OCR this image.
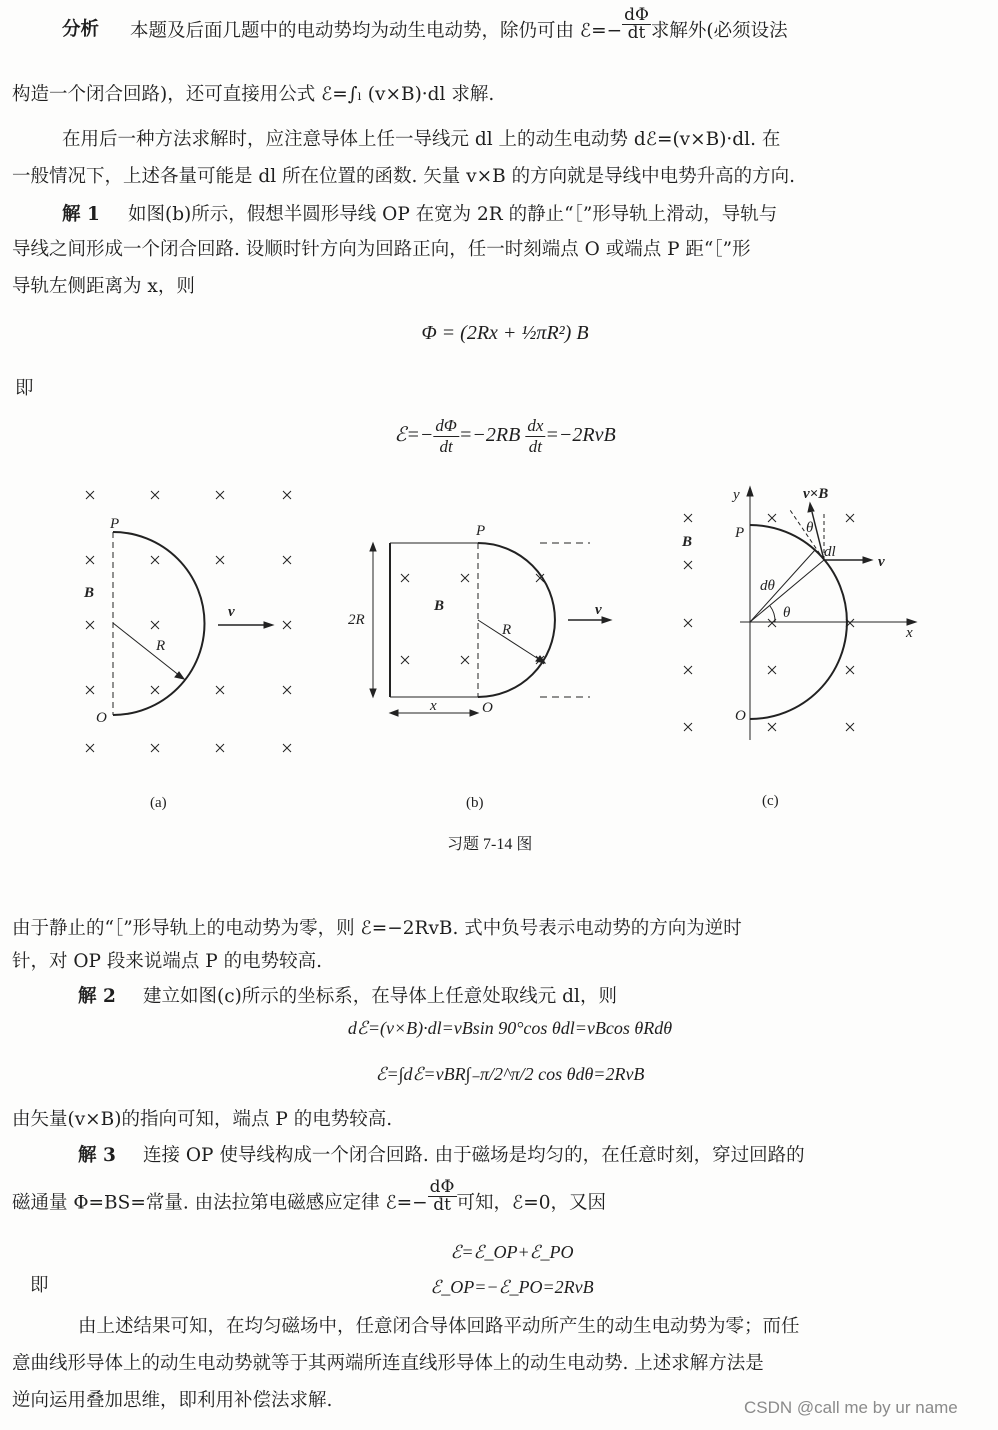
分析 本题及后面几题中的电动势均为动生电动势，除仍可由 ℰ=− $\frac{d\Phi}{dt}$ 求解外(必须设法
构造一个闭合回路)，还可直接用公式 ℰ=∫ₗ (v×B)·dl 求解.
在用后一种方法求解时，应注意导体上任一导线元 dl 上的动生电动势 dℰ=(v×B)·dl. 在
一般情况下，上述各量可能是 dl 所在位置的函数. 矢量 v×B 的方向就是导线中电势升高的方向.
解 1 如图(b)所示，假想半圆形导线 OP 在宽为 2R 的静止“［”形导轨上滑动，导轨与
导线之间形成一个闭合回路. 设顺时针方向为回路正向，任一时刻端点 O 或端点 P 距“［”形
导轨左侧距离为 x，则
Φ = (2Rx + ½πR²) B
即
ℰ=− $\frac{d\Phi}{dt} =-2RB \frac{dx}{dt} =-2RvB$
P
O
B
R
v
P
O
B
R
v
2R
x
P
O
B
v
v×B
dl
dθ
θ
θ
x
y
(a)	(b)	(c)
习题 7-14 图
由于静止的“［”形导轨上的电动势为零，则 ℰ=−2RvB. 式中负号表示电动势的方向为逆时
针，对 OP 段来说端点 P 的电势较高.
解 2 建立如图(c)所示的坐标系，在导体上任意处取线元 dl，则
dℰ=(v×B)·dl=vBsin 90°cos θdl=vBcos θRdθ
ℰ=∫dℰ=vBR∫₋π/2^π/2 cos θdθ=2RvB
由矢量(v×B)的指向可知，端点 P 的电势较高.
解 3 连接 OP 使导线构成一个闭合回路. 由于磁场是均匀的，在任意时刻，穿过回路的
磁通量 Φ=BS=常量. 由法拉第电磁感应定律 ℰ=− $\frac{d\Phi}{dt}$ 可知，ℰ=0，又因
ℰ=ℰ_OP+ℰ_PO
即	ℰ_OP=−ℰ_PO=2RvB
由上述结果可知，在均匀磁场中，任意闭合导体回路平动所产生的动生电动势为零；而任
意曲线形导体上的动生电动势就等于其两端所连直线形导体上的动生电动势. 上述求解方法是
逆向运用叠加思维，即利用补偿法求解.	CSDN @call me by ur name
